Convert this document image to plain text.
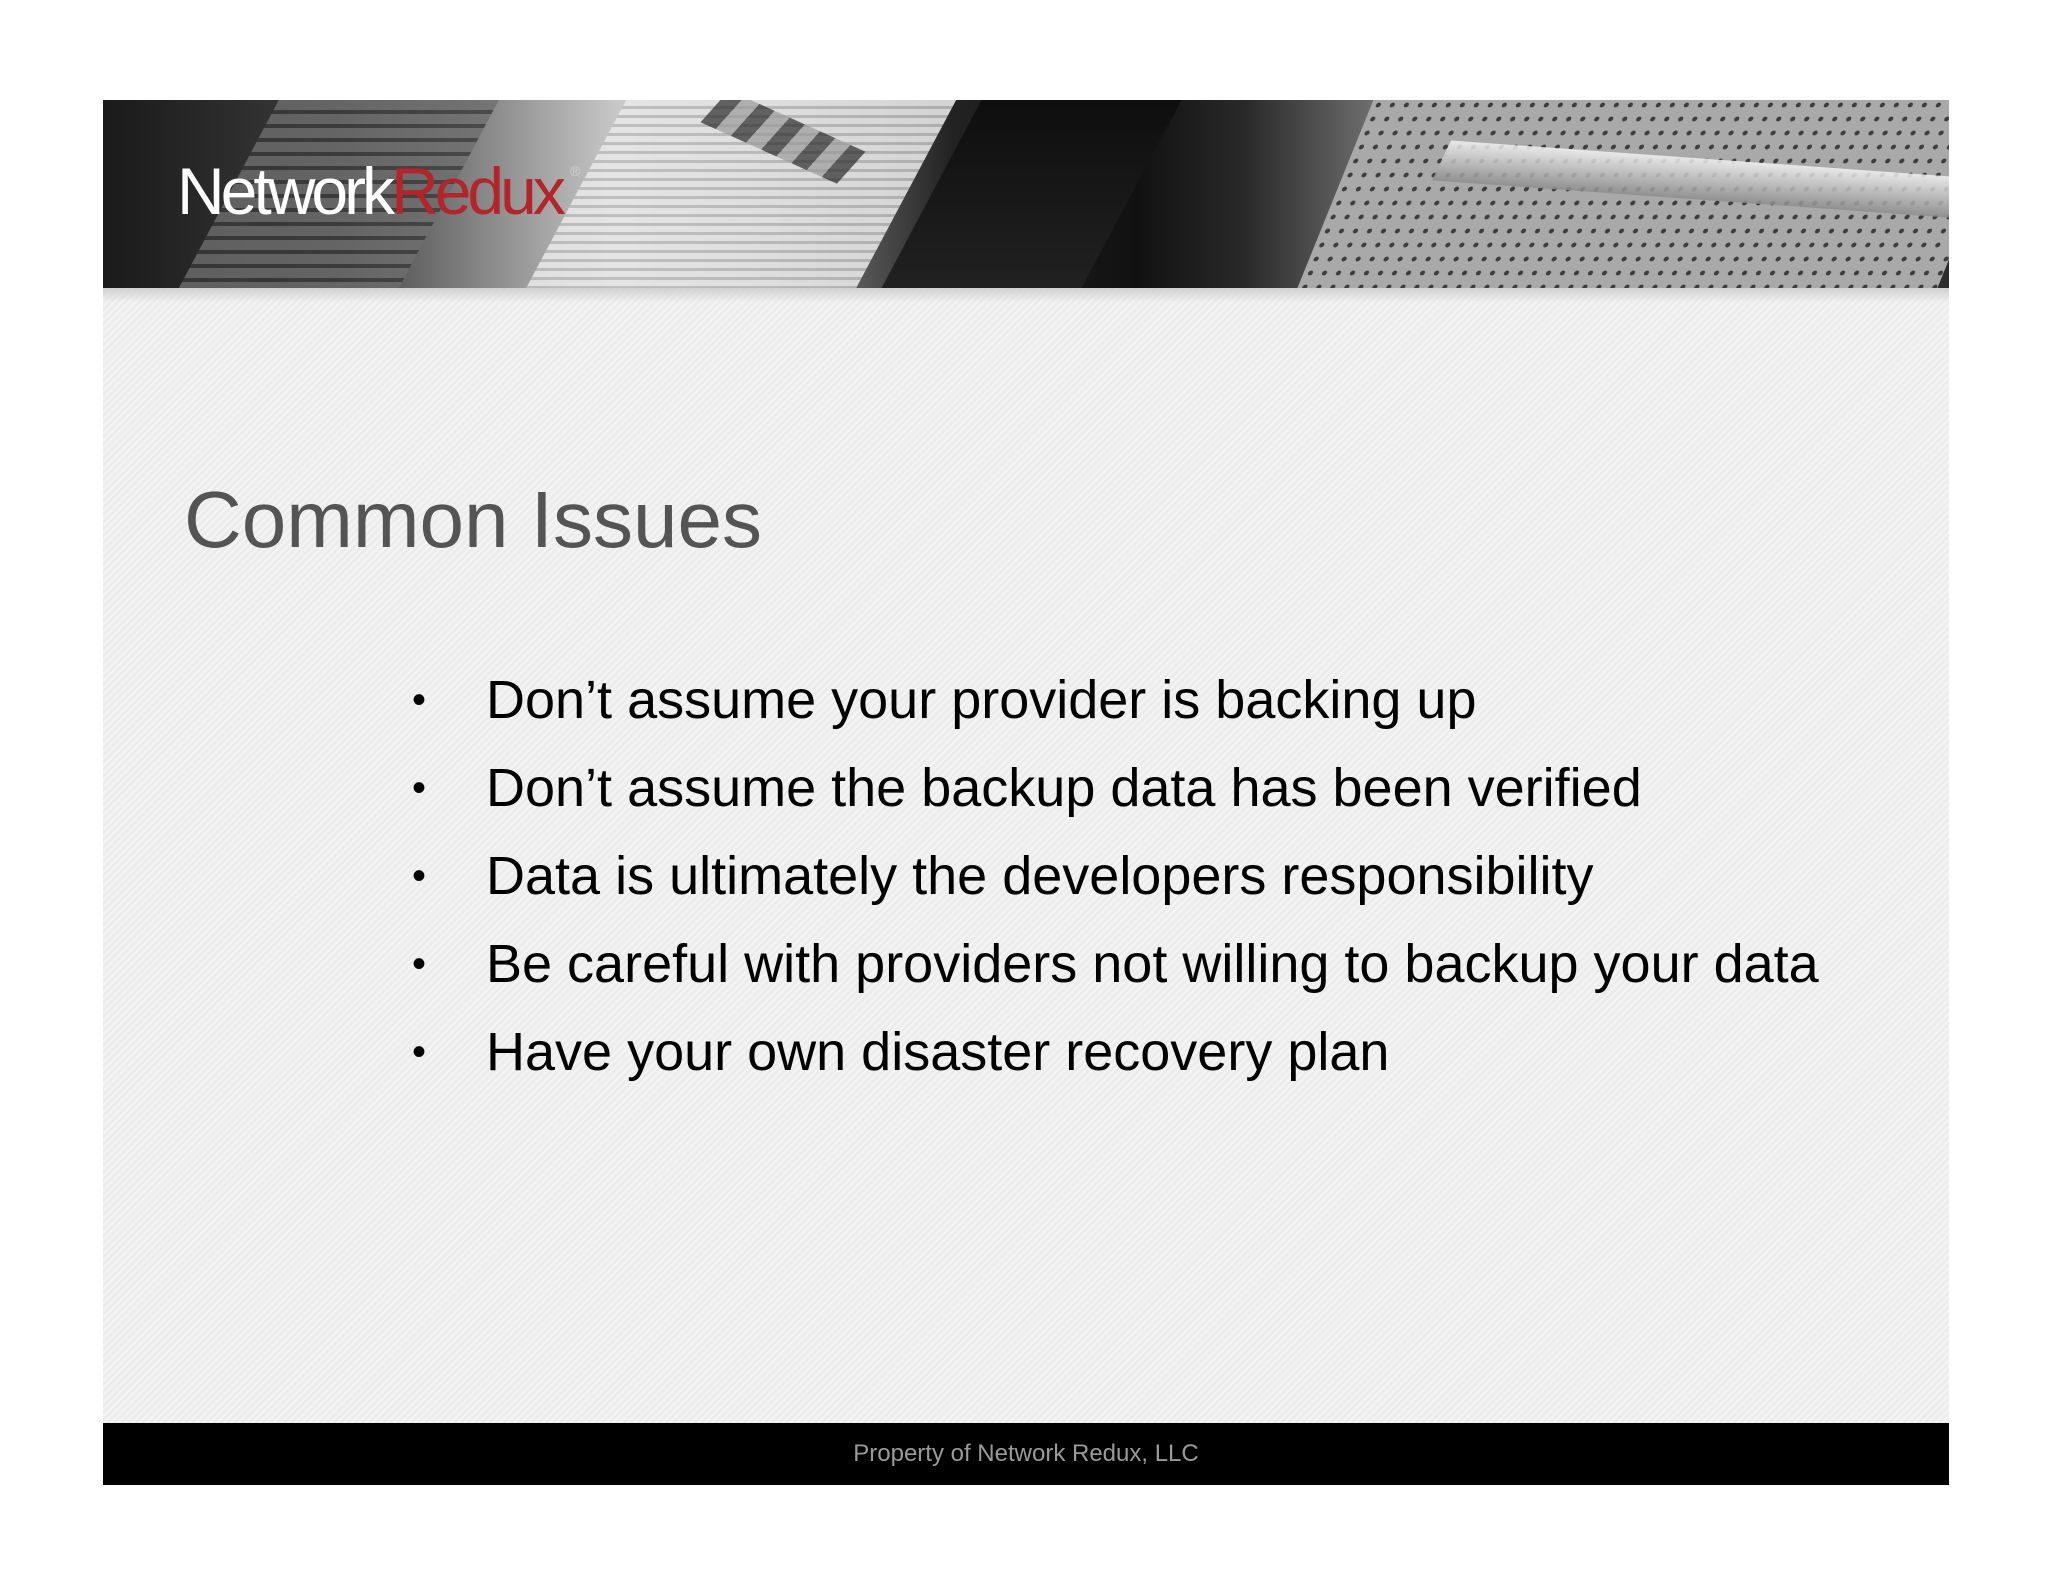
NetworkRedux ®
Common Issues
•	Don’t assume your provider is backing up
•	Don’t assume the backup data has been verified
•	Data is ultimately the developers responsibility
•	Be careful with providers not willing to backup your data
•	Have your own disaster recovery plan
Property of Network Redux, LLC
